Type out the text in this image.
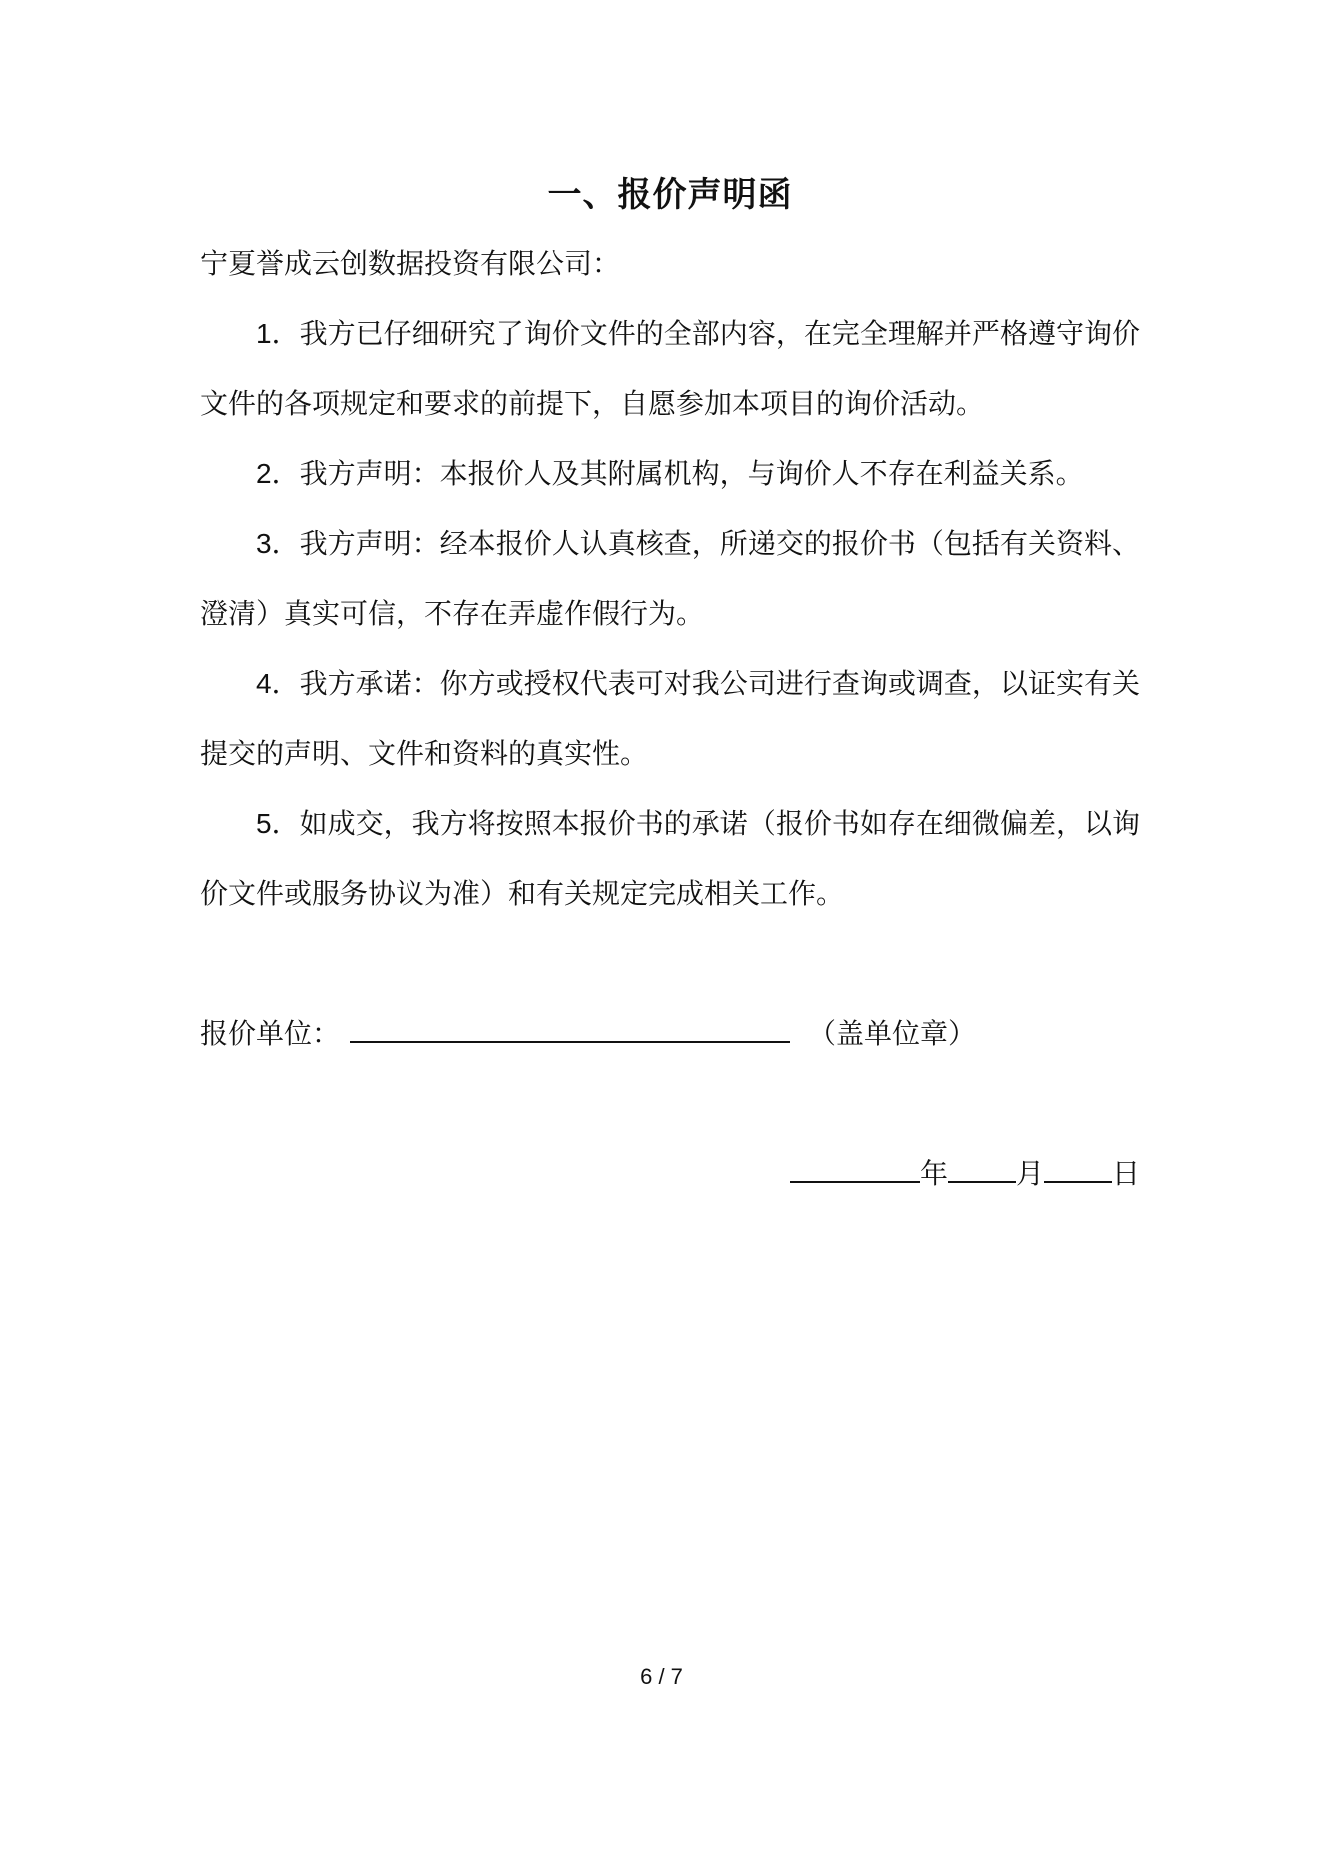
一、报价声明函

宁夏誉成云创数据投资有限公司：

1．我方已仔细研究了询价文件的全部内容，在完全理解并严格遵守询价文件的各项规定和要求的前提下，自愿参加本项目的询价活动。

2．我方声明：本报价人及其附属机构，与询价人不存在利益关系。

3．我方声明：经本报价人认真核查，所递交的报价书（包括有关资料、澄清）真实可信，不存在弄虚作假行为。

4．我方承诺：你方或授权代表可对我公司进行查询或调查，以证实有关提交的声明、文件和资料的真实性。

5．如成交，我方将按照本报价书的承诺（报价书如存在细微偏差，以询价文件或服务协议为准）和有关规定完成相关工作。

报价单位：	（盖单位章）
年 月 日
6 / 7
